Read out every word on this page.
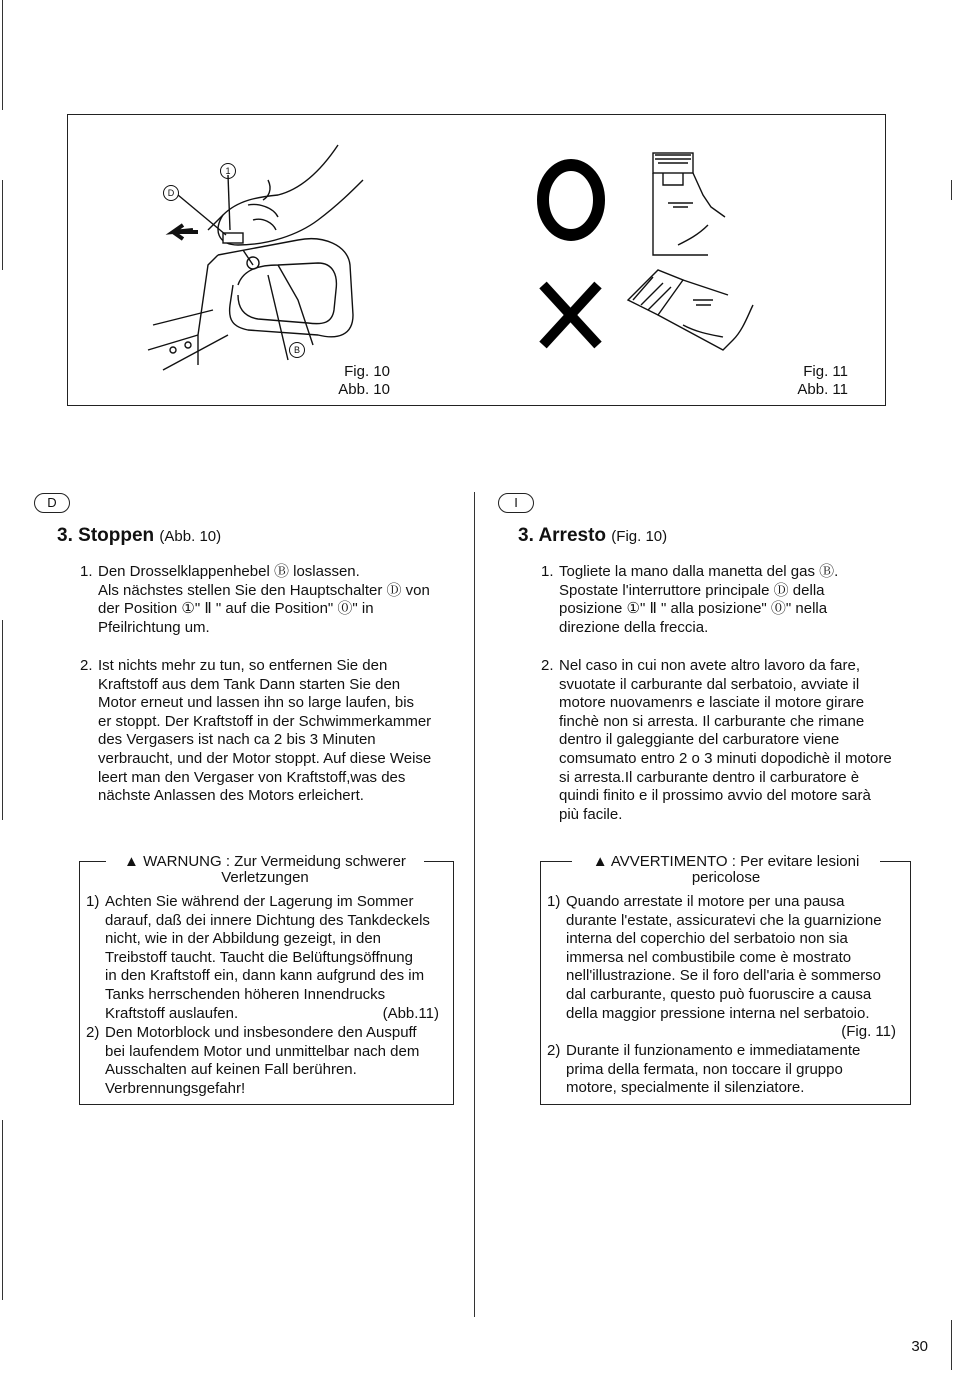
1
D
B
Fig. 10
Abb. 10
Fig. 11
Abb. 11
D
3. Stoppen (Abb. 10)
1. Den Drosselklappenhebel Ⓑ loslassen.
Als nächstes stellen Sie den Hauptschalter Ⓓ von
der Position ①" Ⅱ " auf die Position" ⓪" in
Pfeilrichtung um.
2. Ist nichts mehr zu tun, so entfernen Sie den
Kraftstoff aus dem Tank Dann starten Sie den
Motor erneut und lassen ihn so large laufen, bis
er stoppt. Der Kraftstoff in der Schwimmerkammer
des Vergasers ist nach ca 2 bis 3 Minuten
verbraucht, und der Motor stoppt. Auf diese Weise
leert man den Vergaser von Kraftstoff,was des
nächste Anlassen des Motors erleichert.
▲ WARNUNG : Zur Vermeidung schwerer
Verletzungen
1) Achten Sie während der Lagerung im Sommer
darauf, daß dei innere Dichtung des Tankdeckels
nicht, wie in der Abbildung gezeigt, in den
Treibstoff taucht. Taucht die Belüftungsöffnung
in den Kraftstoff ein, dann kann aufgrund des im
Tanks herrschenden höheren Innendrucks
Kraftstoff auslaufen.	(Abb.11)
2) Den Motorblock und insbesondere den Auspuff
bei laufendem Motor und unmittelbar nach dem
Ausschalten auf keinen Fall berühren.
Verbrennungsgefahr!
I
3. Arresto (Fig. 10)
1. Togliete la mano dalla manetta del gas Ⓑ.
Spostate l'interruttore principale Ⓓ della
posizione ①" Ⅱ " alla posizione" ⓪" nella
direzione della freccia.
2. Nel caso in cui non avete altro lavoro da fare,
svuotate il carburante dal serbatoio, avviate il
motore nuovamenrs e lasciate il motore girare
finchè non si arresta. Il carburante che rimane
dentro il galeggiante del carburatore viene
comsumato entro 2 o 3 minuti dopodichè il motore
si arresta.Il carburante dentro il carburatore è
quindi finito e il prossimo avvio del motore sarà
più facile.
▲ AVVERTIMENTO : Per evitare lesioni
pericolose
1) Quando arrestate il motore per una pausa
durante l'estate, assicuratevi che la guarnizione
interna del coperchio del serbatoio non sia
immersa nel combustibile come è mostrato
nell'illustrazione. Se il foro dell'aria è sommerso
dal carburante, questo può fuoruscire a causa
della maggior pressione interna nel serbatoio.
(Fig. 11)
2) Durante il funzionamento e immediatamente
prima della fermata, non toccare il gruppo
motore, specialmente il silenziatore.
30
